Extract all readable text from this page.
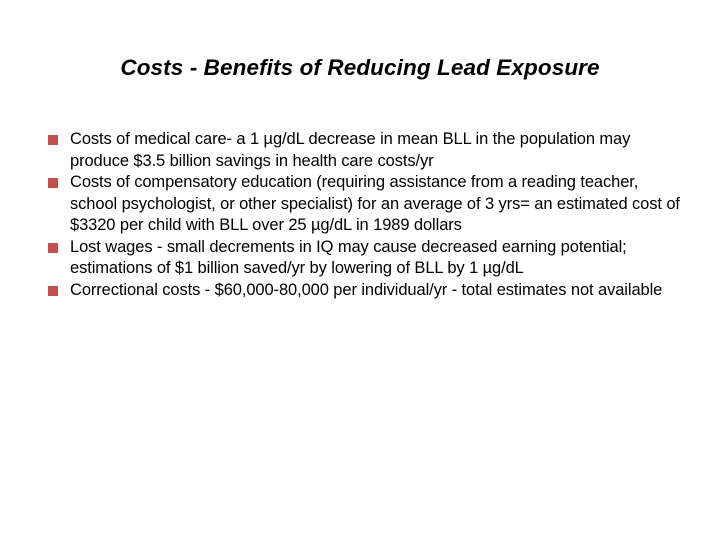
Costs - Benefits of Reducing Lead Exposure
Costs of medical care- a 1 µg/dL decrease in mean BLL in the population may produce $3.5 billion savings in health care costs/yr
Costs of compensatory education (requiring assistance from a reading teacher, school psychologist, or other specialist) for an average of 3 yrs= an estimated cost of $3320 per child with BLL over 25 µg/dL in 1989 dollars
Lost wages - small decrements in IQ may cause decreased earning potential; estimations of $1 billion saved/yr by lowering of BLL by 1 µg/dL
Correctional costs - $60,000-80,000 per individual/yr - total estimates not available
